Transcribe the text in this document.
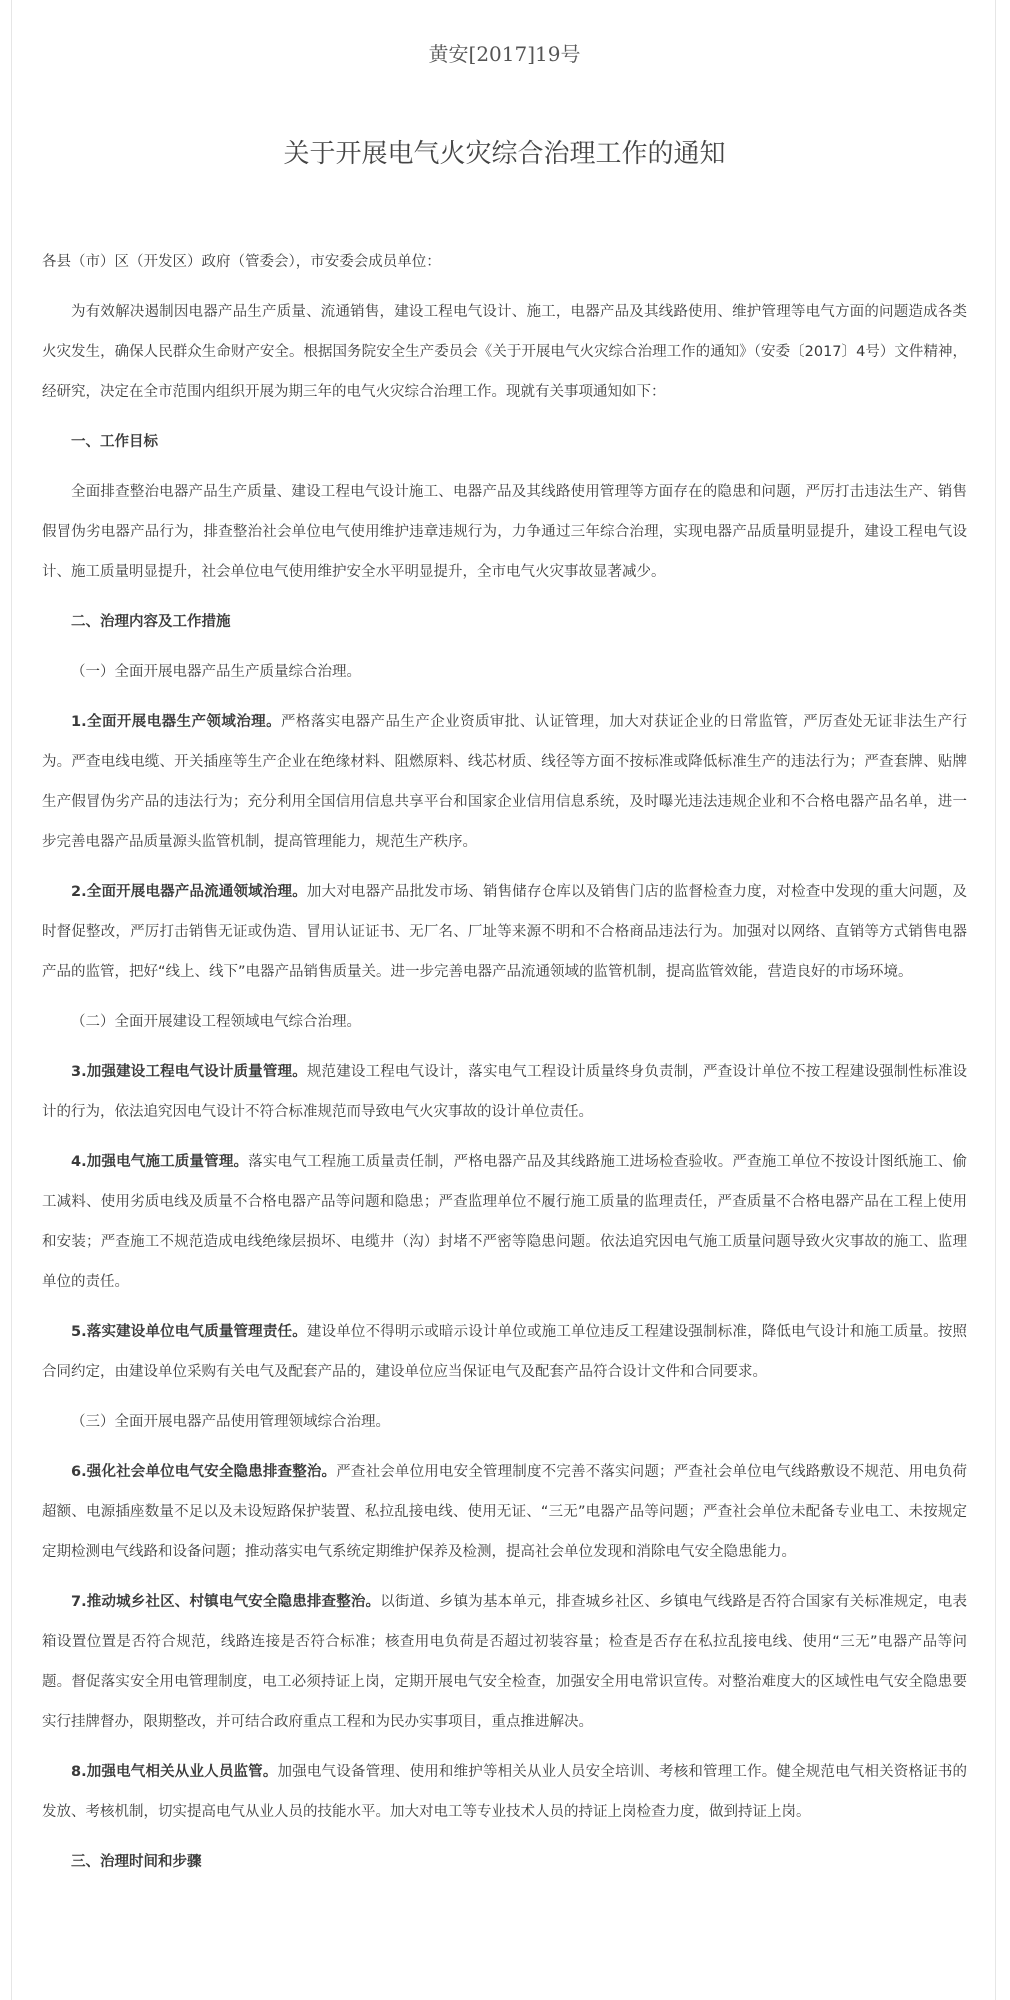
黄安[2017]19号
关于开展电气火灾综合治理工作的通知

各县（市）区（开发区）政府（管委会），市安委会成员单位：

为有效解决遏制因电器产品生产质量、流通销售，建设工程电气设计、施工，电器产品及其线路使用、维护管理等电气方面的问题造成各类火灾发生，确保人民群众生命财产安全。根据国务院安全生产委员会《关于开展电气火灾综合治理工作的通知》（安委〔2017〕4号）文件精神，经研究，决定在全市范围内组织开展为期三年的电气火灾综合治理工作。现就有关事项通知如下：

一、工作目标

全面排查整治电器产品生产质量、建设工程电气设计施工、电器产品及其线路使用管理等方面存在的隐患和问题，严厉打击违法生产、销售假冒伪劣电器产品行为，排查整治社会单位电气使用维护违章违规行为，力争通过三年综合治理，实现电器产品质量明显提升，建设工程电气设计、施工质量明显提升，社会单位电气使用维护安全水平明显提升，全市电气火灾事故显著减少。

二、治理内容及工作措施

（一）全面开展电器产品生产质量综合治理。

1.全面开展电器生产领域治理。严格落实电器产品生产企业资质审批、认证管理，加大对获证企业的日常监管，严厉查处无证非法生产行为。严查电线电缆、开关插座等生产企业在绝缘材料、阻燃原料、线芯材质、线径等方面不按标准或降低标准生产的违法行为；严查套牌、贴牌生产假冒伪劣产品的违法行为；充分利用全国信用信息共享平台和国家企业信用信息系统，及时曝光违法违规企业和不合格电器产品名单，进一步完善电器产品质量源头监管机制，提高管理能力，规范生产秩序。

2.全面开展电器产品流通领域治理。加大对电器产品批发市场、销售储存仓库以及销售门店的监督检查力度，对检查中发现的重大问题，及时督促整改，严厉打击销售无证或伪造、冒用认证证书、无厂名、厂址等来源不明和不合格商品违法行为。加强对以网络、直销等方式销售电器产品的监管，把好“线上、线下”电器产品销售质量关。进一步完善电器产品流通领域的监管机制，提高监管效能，营造良好的市场环境。

（二）全面开展建设工程领域电气综合治理。

3.加强建设工程电气设计质量管理。规范建设工程电气设计，落实电气工程设计质量终身负责制，严查设计单位不按工程建设强制性标准设计的行为，依法追究因电气设计不符合标准规范而导致电气火灾事故的设计单位责任。

4.加强电气施工质量管理。落实电气工程施工质量责任制，严格电器产品及其线路施工进场检查验收。严查施工单位不按设计图纸施工、偷工减料、使用劣质电线及质量不合格电器产品等问题和隐患；严查监理单位不履行施工质量的监理责任，严查质量不合格电器产品在工程上使用和安装；严查施工不规范造成电线绝缘层损坏、电缆井（沟）封堵不严密等隐患问题。依法追究因电气施工质量问题导致火灾事故的施工、监理单位的责任。

5.落实建设单位电气质量管理责任。建设单位不得明示或暗示设计单位或施工单位违反工程建设强制标准，降低电气设计和施工质量。按照合同约定，由建设单位采购有关电气及配套产品的，建设单位应当保证电气及配套产品符合设计文件和合同要求。

（三）全面开展电器产品使用管理领域综合治理。

6.强化社会单位电气安全隐患排查整治。严查社会单位用电安全管理制度不完善不落实问题；严查社会单位电气线路敷设不规范、用电负荷超额、电源插座数量不足以及未设短路保护装置、私拉乱接电线、使用无证、“三无”电器产品等问题；严查社会单位未配备专业电工、未按规定定期检测电气线路和设备问题；推动落实电气系统定期维护保养及检测，提高社会单位发现和消除电气安全隐患能力。

7.推动城乡社区、村镇电气安全隐患排查整治。以街道、乡镇为基本单元，排查城乡社区、乡镇电气线路是否符合国家有关标准规定，电表箱设置位置是否符合规范，线路连接是否符合标准；核查用电负荷是否超过初装容量；检查是否存在私拉乱接电线、使用“三无”电器产品等问题。督促落实安全用电管理制度，电工必须持证上岗，定期开展电气安全检查，加强安全用电常识宣传。对整治难度大的区域性电气安全隐患要实行挂牌督办，限期整改，并可结合政府重点工程和为民办实事项目，重点推进解决。

8.加强电气相关从业人员监管。加强电气设备管理、使用和维护等相关从业人员安全培训、考核和管理工作。健全规范电气相关资格证书的发放、考核机制，切实提高电气从业人员的技能水平。加大对电工等专业技术人员的持证上岗检查力度，做到持证上岗。

三、治理时间和步骤
